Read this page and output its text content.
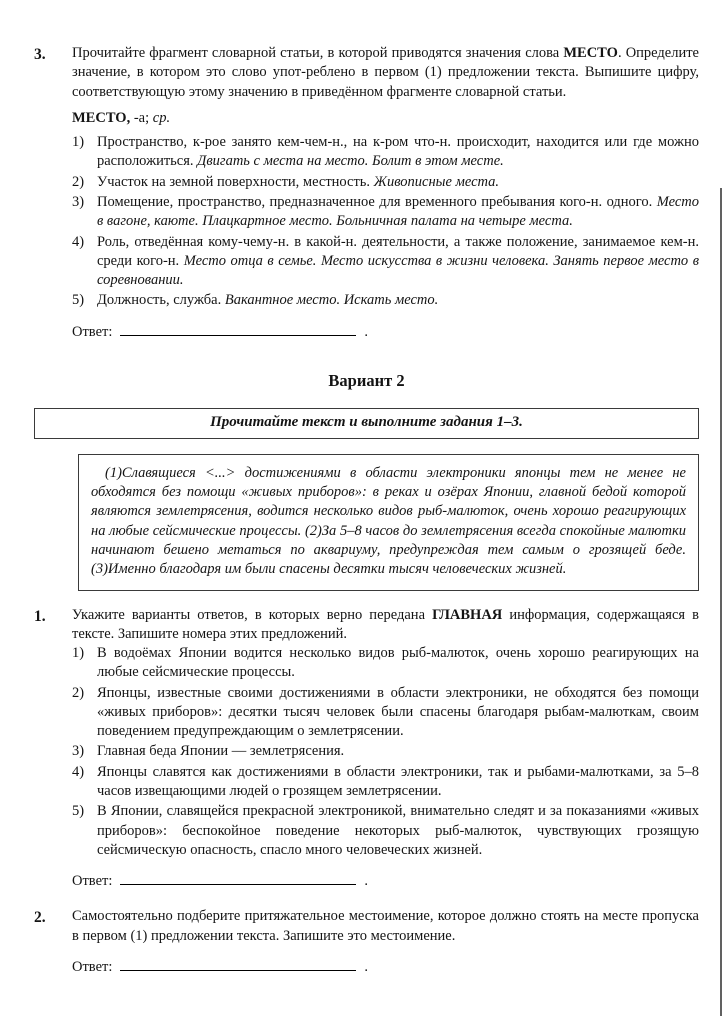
3.	Прочитайте фрагмент словарной статьи, в которой приводятся значения слова МЕСТО. Определите значение, в котором это слово упот-реблено в первом (1) предложении текста. Выпишите цифру, соответствующую этому значению в приведённом фрагменте словарной статьи.

МЕСТО, -а; ср.

1) Пространство, к-рое занято кем-чем-н., на к-ром что-н. происходит, находится или где можно расположиться. Двигать с места на место. Болит в этом месте.
2) Участок на земной поверхности, местность. Живописные места.
3) Помещение, пространство, предназначенное для временного пребывания кого-н. одного. Место в вагоне, каюте. Плацкартное место. Больничная палата на четыре места.
4) Роль, отведённая кому-чему-н. в какой-н. деятельности, а также положение, занимаемое кем-н. среди кого-н. Место отца в семье. Место искусства в жизни человека. Занять первое место в соревновании.
5) Должность, служба. Вакантное место. Искать место.

Ответ:	.

Вариант 2
Прочитайте текст и выполните задания 1–3.

(1)Славящиеся <...> достижениями в области электроники японцы тем не менее не обходятся без помощи «живых приборов»: в реках и озёрах Японии, главной бедой которой являются землетрясения, водится несколько видов рыб-малюток, очень хорошо реагирующих на любые сейсмические процессы. (2)За 5–8 часов до землетрясения всегда спокойные малютки начинают бешено метаться по аквариуму, предупреждая тем самым о грозящей беде. (3)Именно благодаря им были спасены десятки тысяч человеческих жизней.

1.	Укажите варианты ответов, в которых верно передана ГЛАВНАЯ информация, содержащаяся в тексте. Запишите номера этих предложений.

1) В водоёмах Японии водится несколько видов рыб-малюток, очень хорошо реагирующих на любые сейсмические процессы.
2) Японцы, известные своими достижениями в области электроники, не обходятся без помощи «живых приборов»: десятки тысяч человек были спасены благодаря рыбам-малюткам, своим поведением предупреждающим о землетрясении.
3) Главная беда Японии — землетрясения.
4) Японцы славятся как достижениями в области электроники, так и рыбами-малютками, за 5–8 часов извещающими людей о грозящем землетрясении.
5) В Японии, славящейся прекрасной электроникой, внимательно следят и за показаниями «живых приборов»: беспокойное поведение некоторых рыб-малюток, чувствующих грозящую сейсмическую опасность, спасло много человеческих жизней.

Ответ:	.

2.	Самостоятельно подберите притяжательное местоимение, которое должно стоять на месте пропуска в первом (1) предложении текста. Запишите это местоимение.

Ответ:	.
